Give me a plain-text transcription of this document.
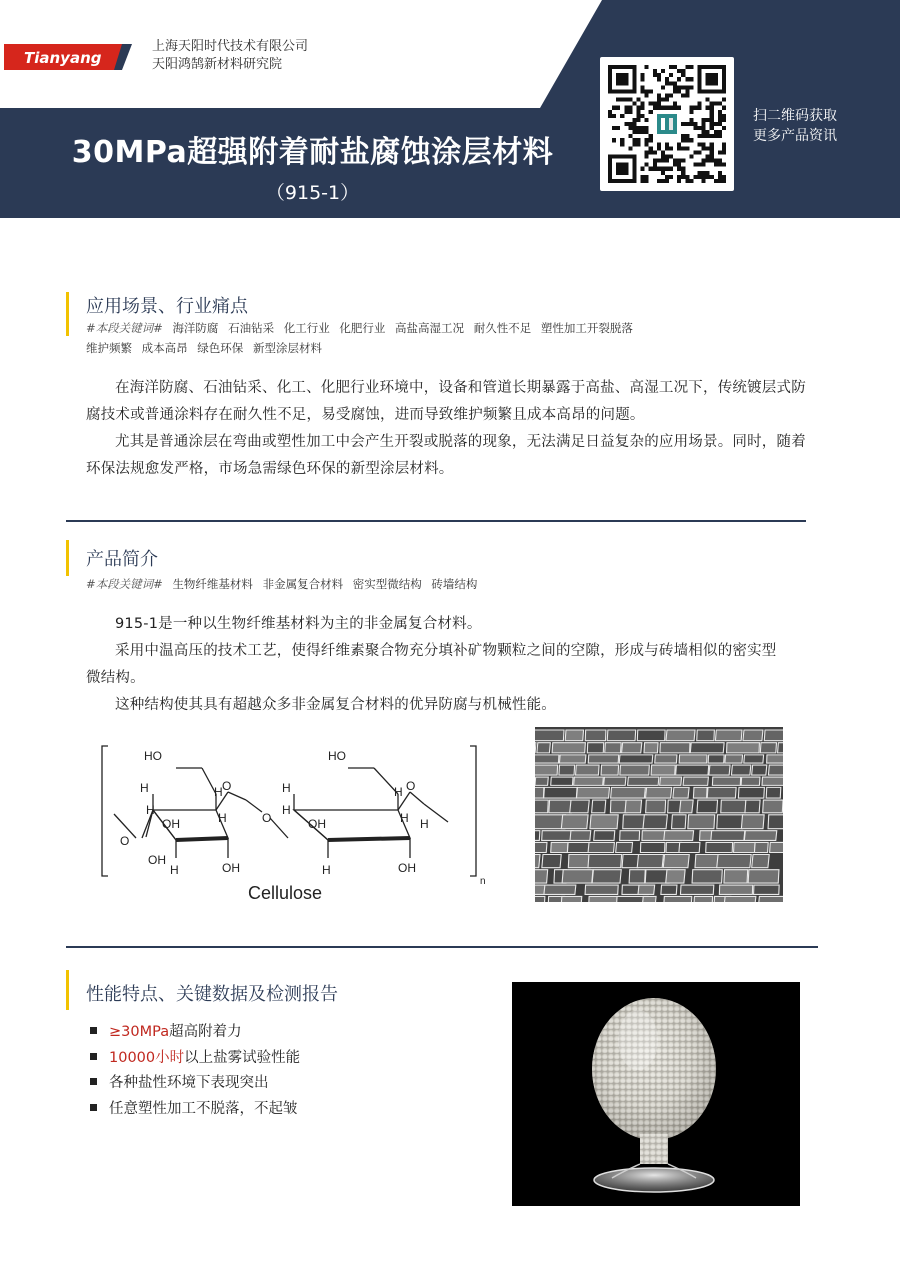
Tianyang
上海天阳时代技术有限公司
天阳鸿鹄新材料研究院
30MPa超强附着耐盐腐蚀涂层材料
（915-1）
扫二维码获取
更多产品资讯
应用场景、行业痛点
#本段关键词# 海洋防腐 石油钻采 化工行业 化肥行业 高盐高湿工况 耐久性不足 塑性加工开裂脱落
维护频繁 成本高昂 绿色环保 新型涂层材料

在海洋防腐、石油钻采、化工、化肥行业环境中，设备和管道长期暴露于高盐、高湿工况下，传统镀层式防腐技术或普通涂料存在耐久性不足，易受腐蚀，进而导致维护频繁且成本高昂的问题。

尤其是普通涂层在弯曲或塑性加工中会产生开裂或脱落的现象，无法满足日益复杂的应用场景。同时，随着环保法规愈发严格，市场急需绿色环保的新型涂层材料。

产品简介
#本段关键词# 生物纤维基材料 非金属复合材料 密实型微结构 砖墙结构

915-1是一种以生物纤维基材料为主的非金属复合材料。

采用中温高压的技术工艺，使得纤维素聚合物充分填补矿物颗粒之间的空隙，形成与砖墙相似的密实型微结构。

这种结构使其具有超越众多非金属复合材料的优异防腐与机械性能。

n
O
H
OH
H
OH
H	OH
H
H O
HO
O
H
H
OH
H	OH
H
H O
HO
H
Cellulose
性能特点、关键数据及检测报告
≥30MPa超高附着力
10000小时以上盐雾试验性能
各种盐性环境下表现突出
任意塑性加工不脱落，不起皱
